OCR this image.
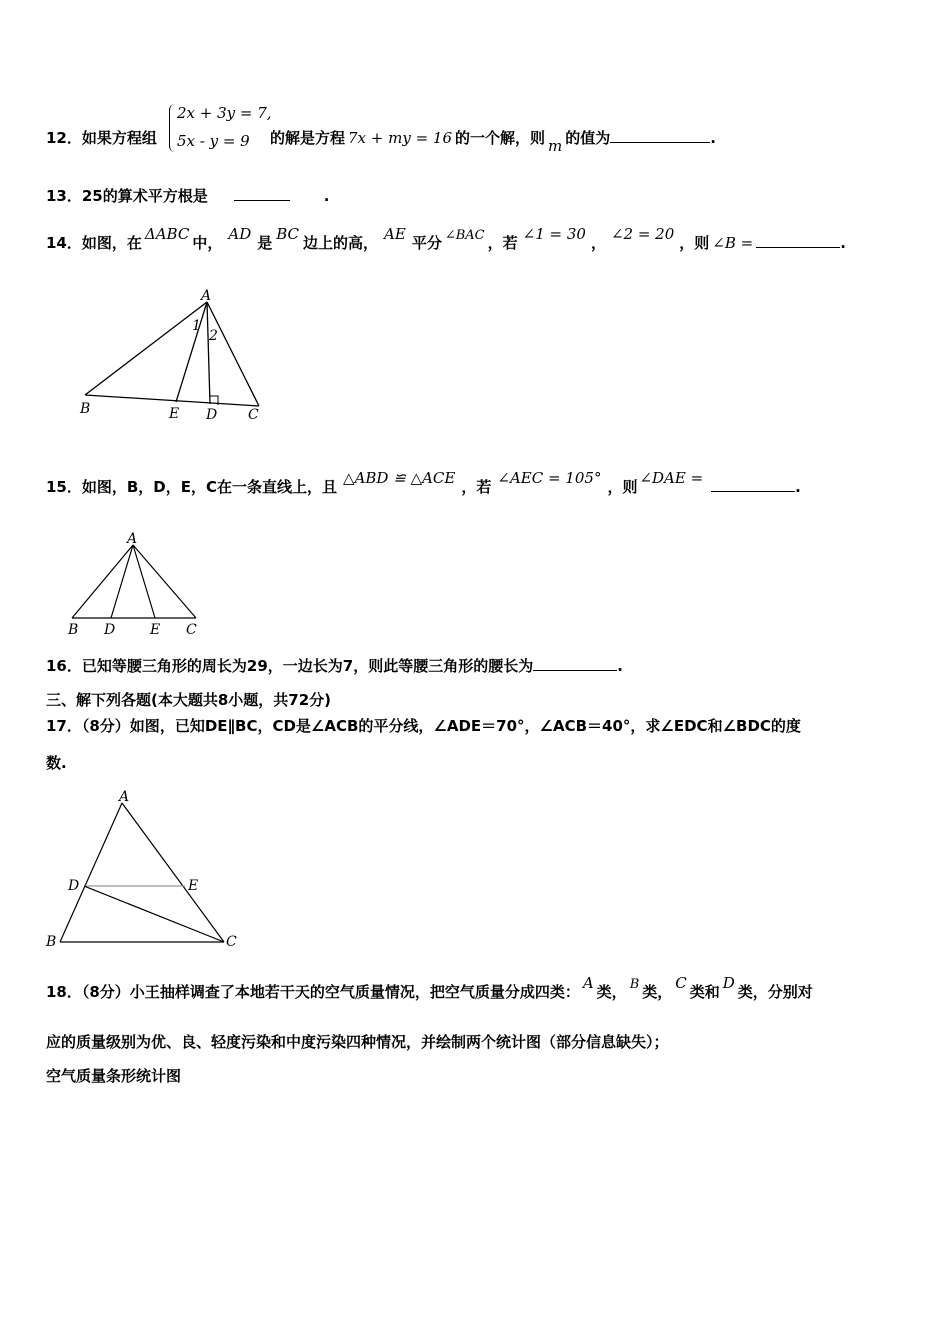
12．如果方程组
2x + 3y = 7,
5x - y = 9 的解是方程 7x + my = 16 的一个解，则 m 的值为	.
13．25的算术平方根是	.
14．如图，在 ΔABC 中， AD 是 BC 边上的高， AE 平分 ∠BAC ，若 ∠1 = 30 ， ∠2 = 20 ，则 ∠B =	.
A
B	E D C
1
2
15．如图，B，D，E，C在一条直线上，且 △ABD ≌ △ACE ，若 ∠AEC = 105° ，则 ∠DAE =	.
A
B D E C
16．已知等腰三角形的周长为29，一边长为7，则此等腰三角形的腰长为	.
三、解下列各题(本大题共8小题，共72分)
17．（8分）如图，已知DE∥BC，CD是∠ACB的平分线，∠ADE＝70°，∠ACB＝40°，求∠EDC和∠BDC的度
数.
A
D	E
B	C
18．（8分）小王抽样调查了本地若干天的空气质量情况，把空气质量分成四类： A 类， B 类， C 类和 D 类，分别对
应的质量级别为优、良、轻度污染和中度污染四种情况，并绘制两个统计图（部分信息缺失）；
空气质量条形统计图
